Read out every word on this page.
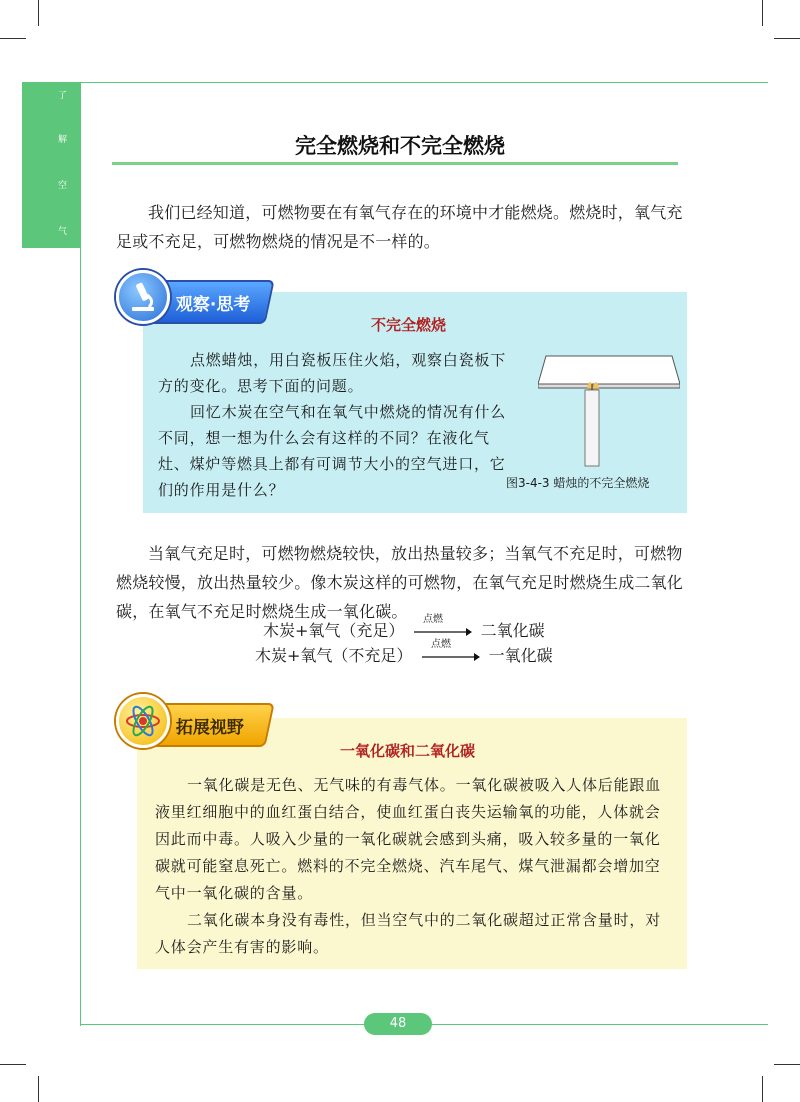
了
解
空
气
完全燃烧和不完全燃烧

我们已经知道，可燃物要在有氧气存在的环境中才能燃烧。燃烧时，氧气充足或不充足，可燃物燃烧的情况是不一样的。

观察·思考
不完全燃烧

点燃蜡烛，用白瓷板压住火焰，观察白瓷板下方的变化。思考下面的问题。

回忆木炭在空气和在氧气中燃烧的情况有什么不同，想一想为什么会有这样的不同？在液化气灶、煤炉等燃具上都有可调节大小的空气进口，它们的作用是什么？	图3-4-3 蜡烛的不完全燃烧

当氧气充足时，可燃物燃烧较快，放出热量较多；当氧气不充足时，可燃物燃烧较慢，放出热量较少。像木炭这样的可燃物，在氧气充足时燃烧生成二氧化碳，在氧气不充足时燃烧生成一氧化碳。

木炭+氧气（充足）
点燃
→ 二氧化碳
木炭+氧气（不充足）
点燃
→ 一氧化碳
拓展视野
一氧化碳和二氧化碳

一氧化碳是无色、无气味的有毒气体。一氧化碳被吸入人体后能跟血液里红细胞中的血红蛋白结合，使血红蛋白丧失运输氧的功能，人体就会因此而中毒。人吸入少量的一氧化碳就会感到头痛，吸入较多量的一氧化碳就可能窒息死亡。燃料的不完全燃烧、汽车尾气、煤气泄漏都会增加空气中一氧化碳的含量。

二氧化碳本身没有毒性，但当空气中的二氧化碳超过正常含量时，对人体会产生有害的影响。

48
